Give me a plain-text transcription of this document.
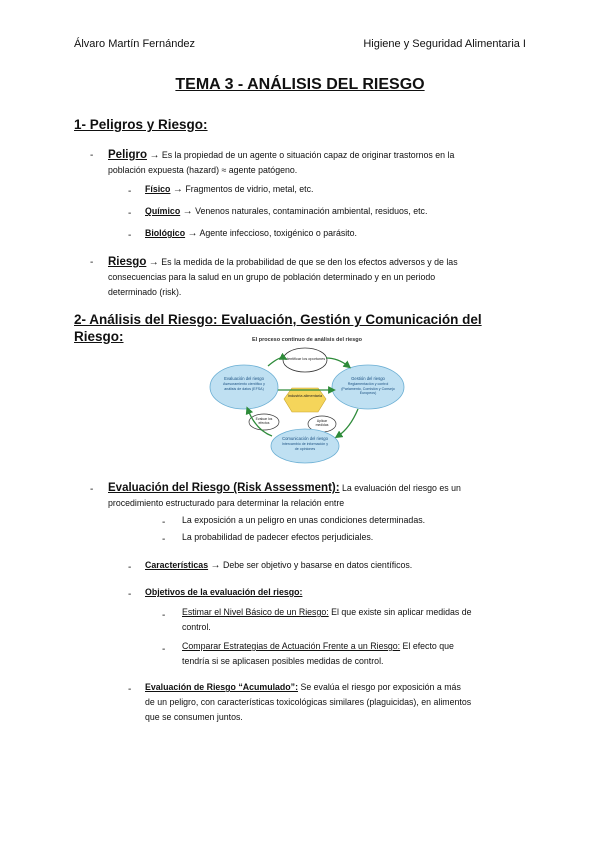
Álvaro Martín Fernández	Higiene y Seguridad Alimentaria I
TEMA 3 - ANÁLISIS DEL RIESGO
1- Peligros y Riesgo:
- Peligro → Es la propiedad de un agente o situación capaz de originar trastornos en la
población expuesta (hazard) ≈ agente patógeno.
- Físico → Fragmentos de vidrio, metal, etc.
- Químico → Venenos naturales, contaminación ambiental, residuos, etc.
- Biológico → Agente infeccioso, toxigénico o parásito.
- Riesgo → Es la medida de la probabilidad de que se den los efectos adversos y de las
consecuencias para la salud en un grupo de población determinado y en un periodo
determinado (risk).
2- Análisis del Riesgo: Evaluación, Gestión y Comunicación del
Riesgo:	El proceso continuo de análisis del riesgo
Identificar los oportunes
Evaluación del riesgo
Asesoramiento científico y análisis de datos (EFSA)
Gestión del riesgo
Reglamentación y control (Parlamento, Comisión y Consejo Europeos)
Industria alimentaria
Evaluar los efectos
Aplicar medidas
Comunicación del riesgo
Intercambio de información y de opiniones
- Evaluación del Riesgo (Risk Assessment): La evaluación del riesgo es un
procedimiento estructurado para determinar la relación entre
- La exposición a un peligro en unas condiciones determinadas.
- La probabilidad de padecer efectos perjudiciales.
- Características → Debe ser objetivo y basarse en datos científicos.
- Objetivos de la evaluación del riesgo:
- Estimar el Nivel Básico de un Riesgo: El que existe sin aplicar medidas de
control.
- Comparar Estrategias de Actuación Frente a un Riesgo: El efecto que
tendría si se aplicasen posibles medidas de control.
- Evaluación de Riesgo “Acumulado”: Se evalúa el riesgo por exposición a más
de un peligro, con características toxicológicas similares (plaguicidas), en alimentos
que se consumen juntos.
